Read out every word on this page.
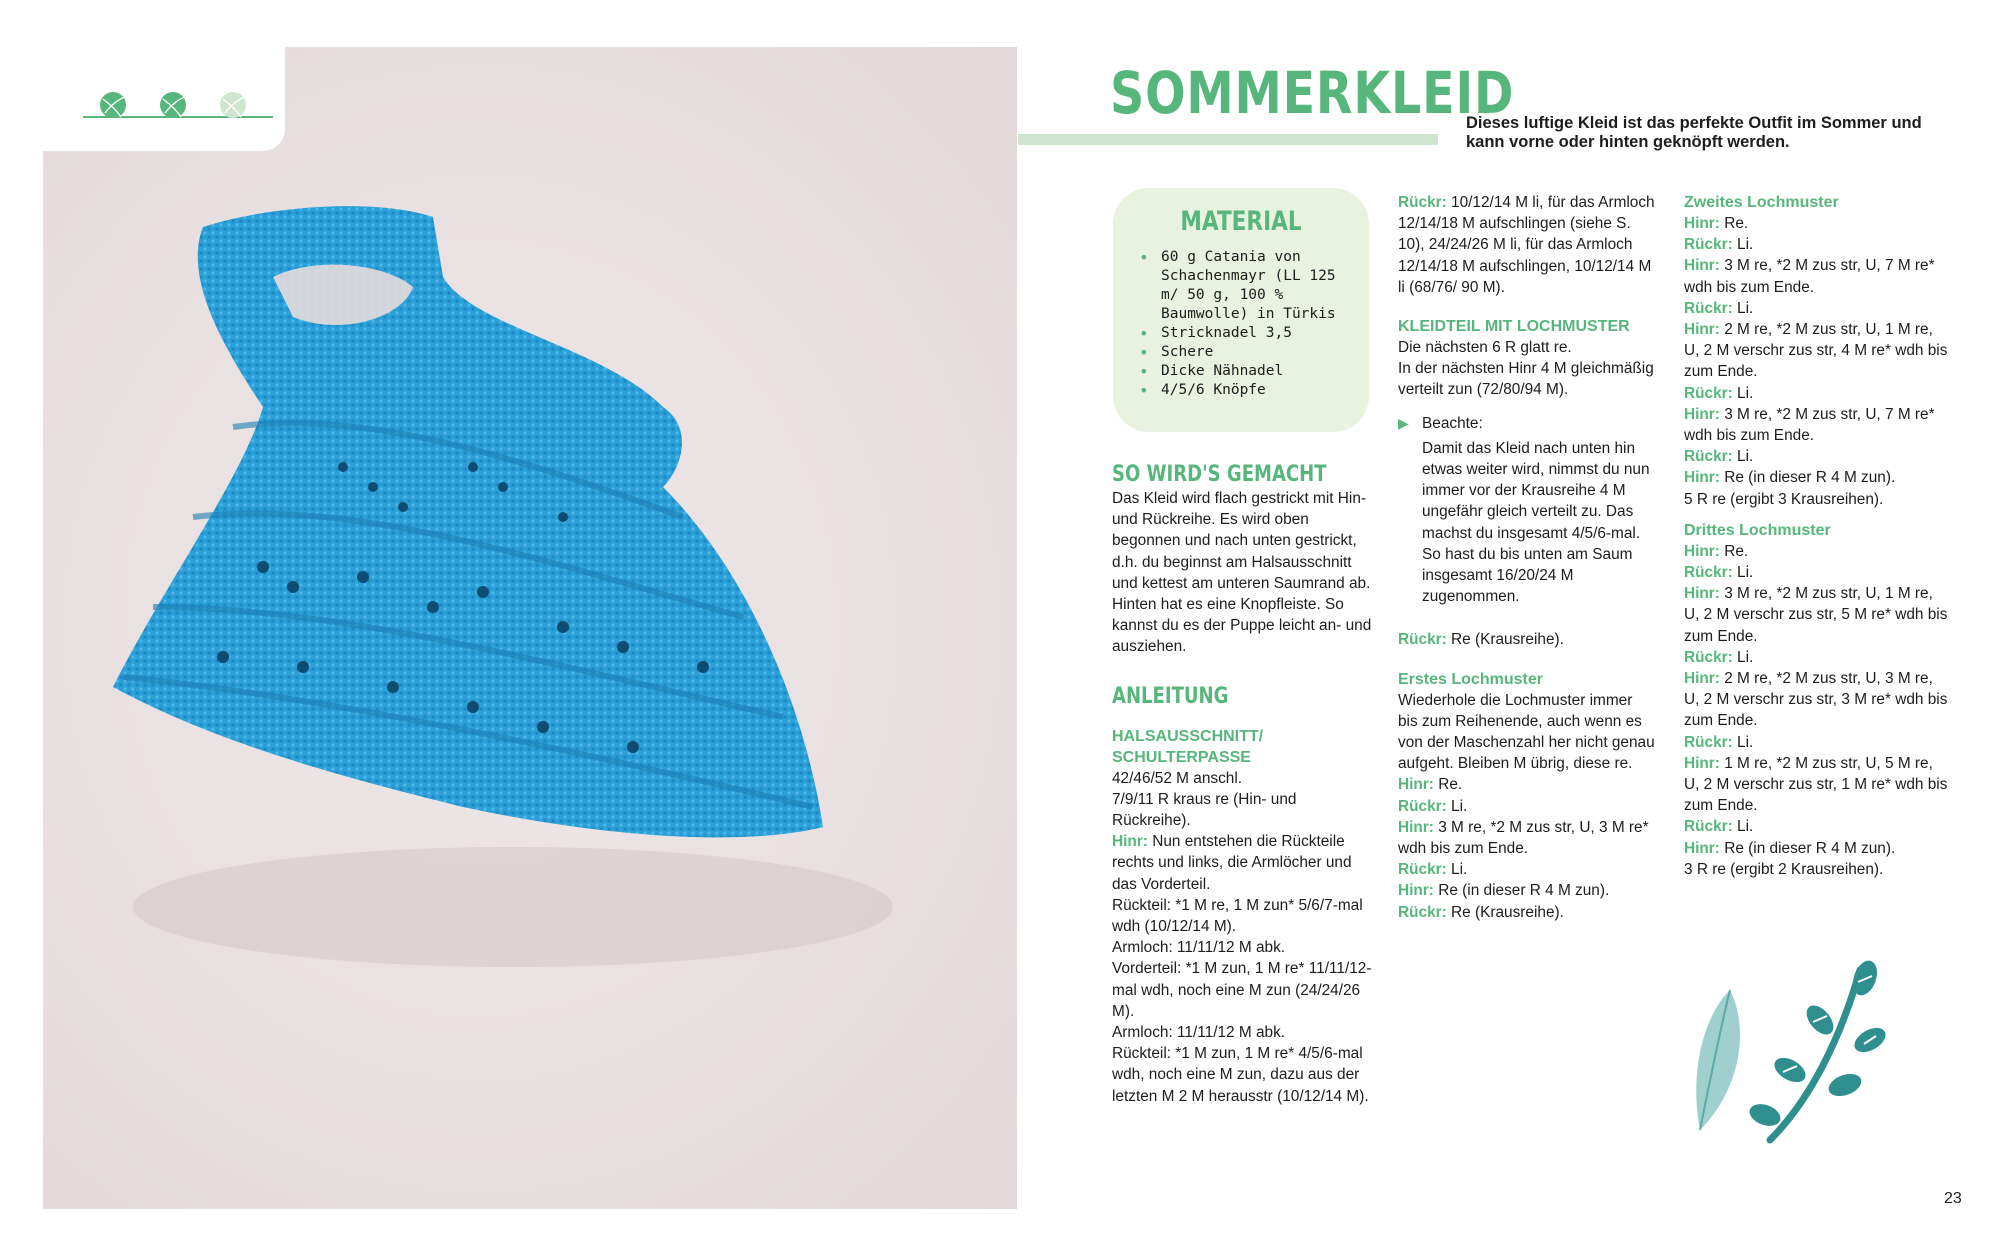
SOMMERKLEID
Dieses luftige Kleid ist das perfekte Outfit im Sommer und kann vorne oder hinten geknöpft werden.
MATERIAL
• 60 g Catania von Schachenmayr (LL 125 m/ 50 g, 100 % Baumwolle) in Türkis
• Stricknadel 3,5
• Schere
• Dicke Nähnadel
• 4/5/6 Knöpfe
SO WIRD'S GEMACHT

Das Kleid wird flach gestrickt mit Hin- und Rückreihe. Es wird oben begonnen und nach unten gestrickt, d.h. du beginnst am Halsausschnitt und kettest am unteren Saumrand ab. Hinten hat es eine Knopfleiste. So kannst du es der Puppe leicht an- und ausziehen.

ANLEITUNG
HALSAUSSCHNITT/ SCHULTERPASSE

42/46/52 M anschl.

7/9/11 R kraus re (Hin- und Rückreihe).

Hinr: Nun entstehen die Rückteile rechts und links, die Armlöcher und das Vorderteil.

Rückteil: *1 M re, 1 M zun* 5/6/7-mal wdh (10/12/14 M).

Armloch: 11/11/12 M abk.

Vorderteil: *1 M zun, 1 M re* 11/11/12-mal wdh, noch eine M zun (24/24/26 M).

Armloch: 11/11/12 M abk.

Rückteil: *1 M zun, 1 M re* 4/5/6-mal wdh, noch eine M zun, dazu aus der letzten M 2 M herausstr (10/12/14 M).

Rückr: 10/12/14 M li, für das Armloch 12/14/18 M aufschlingen (siehe S. 10), 24/24/26 M li, für das Armloch 12/14/18 M aufschlingen, 10/12/14 M li (68/76/ 90 M).

KLEIDTEIL MIT LOCHMUSTER

Die nächsten 6 R glatt re.

In der nächsten Hinr 4 M gleichmäßig verteilt zun (72/80/94 M).

▶ Beachte:

Damit das Kleid nach unten hin etwas weiter wird, nimmst du nun immer vor der Krausreihe 4 M ungefähr gleich verteilt zu. Das machst du insgesamt 4/5/6-mal. So hast du bis unten am Saum insgesamt 16/20/24 M zugenommen.

Rückr: Re (Krausreihe).

Erstes Lochmuster

Wiederhole die Lochmuster immer bis zum Reihenende, auch wenn es von der Maschenzahl her nicht genau aufgeht. Bleiben M übrig, diese re.

Hinr: Re.

Rückr: Li.

Hinr: 3 M re, *2 M zus str, U, 3 M re* wdh bis zum Ende.

Rückr: Li.

Hinr: Re (in dieser R 4 M zun).

Rückr: Re (Krausreihe).

Zweites Lochmuster

Hinr: Re.

Rückr: Li.

Hinr: 3 M re, *2 M zus str, U, 7 M re* wdh bis zum Ende.

Rückr: Li.

Hinr: 2 M re, *2 M zus str, U, 1 M re, U, 2 M verschr zus str, 4 M re* wdh bis zum Ende.

Rückr: Li.

Hinr: 3 M re, *2 M zus str, U, 7 M re* wdh bis zum Ende.

Rückr: Li.

Hinr: Re (in dieser R 4 M zun).

5 R re (ergibt 3 Krausreihen).

Drittes Lochmuster

Hinr: Re.

Rückr: Li.

Hinr: 3 M re, *2 M zus str, U, 1 M re, U, 2 M verschr zus str, 5 M re* wdh bis zum Ende.

Rückr: Li.

Hinr: 2 M re, *2 M zus str, U, 3 M re, U, 2 M verschr zus str, 3 M re* wdh bis zum Ende.

Rückr: Li.

Hinr: 1 M re, *2 M zus str, U, 5 M re, U, 2 M verschr zus str, 1 M re* wdh bis zum Ende.

Rückr: Li.

Hinr: Re (in dieser R 4 M zun).

3 R re (ergibt 2 Krausreihen).

23
